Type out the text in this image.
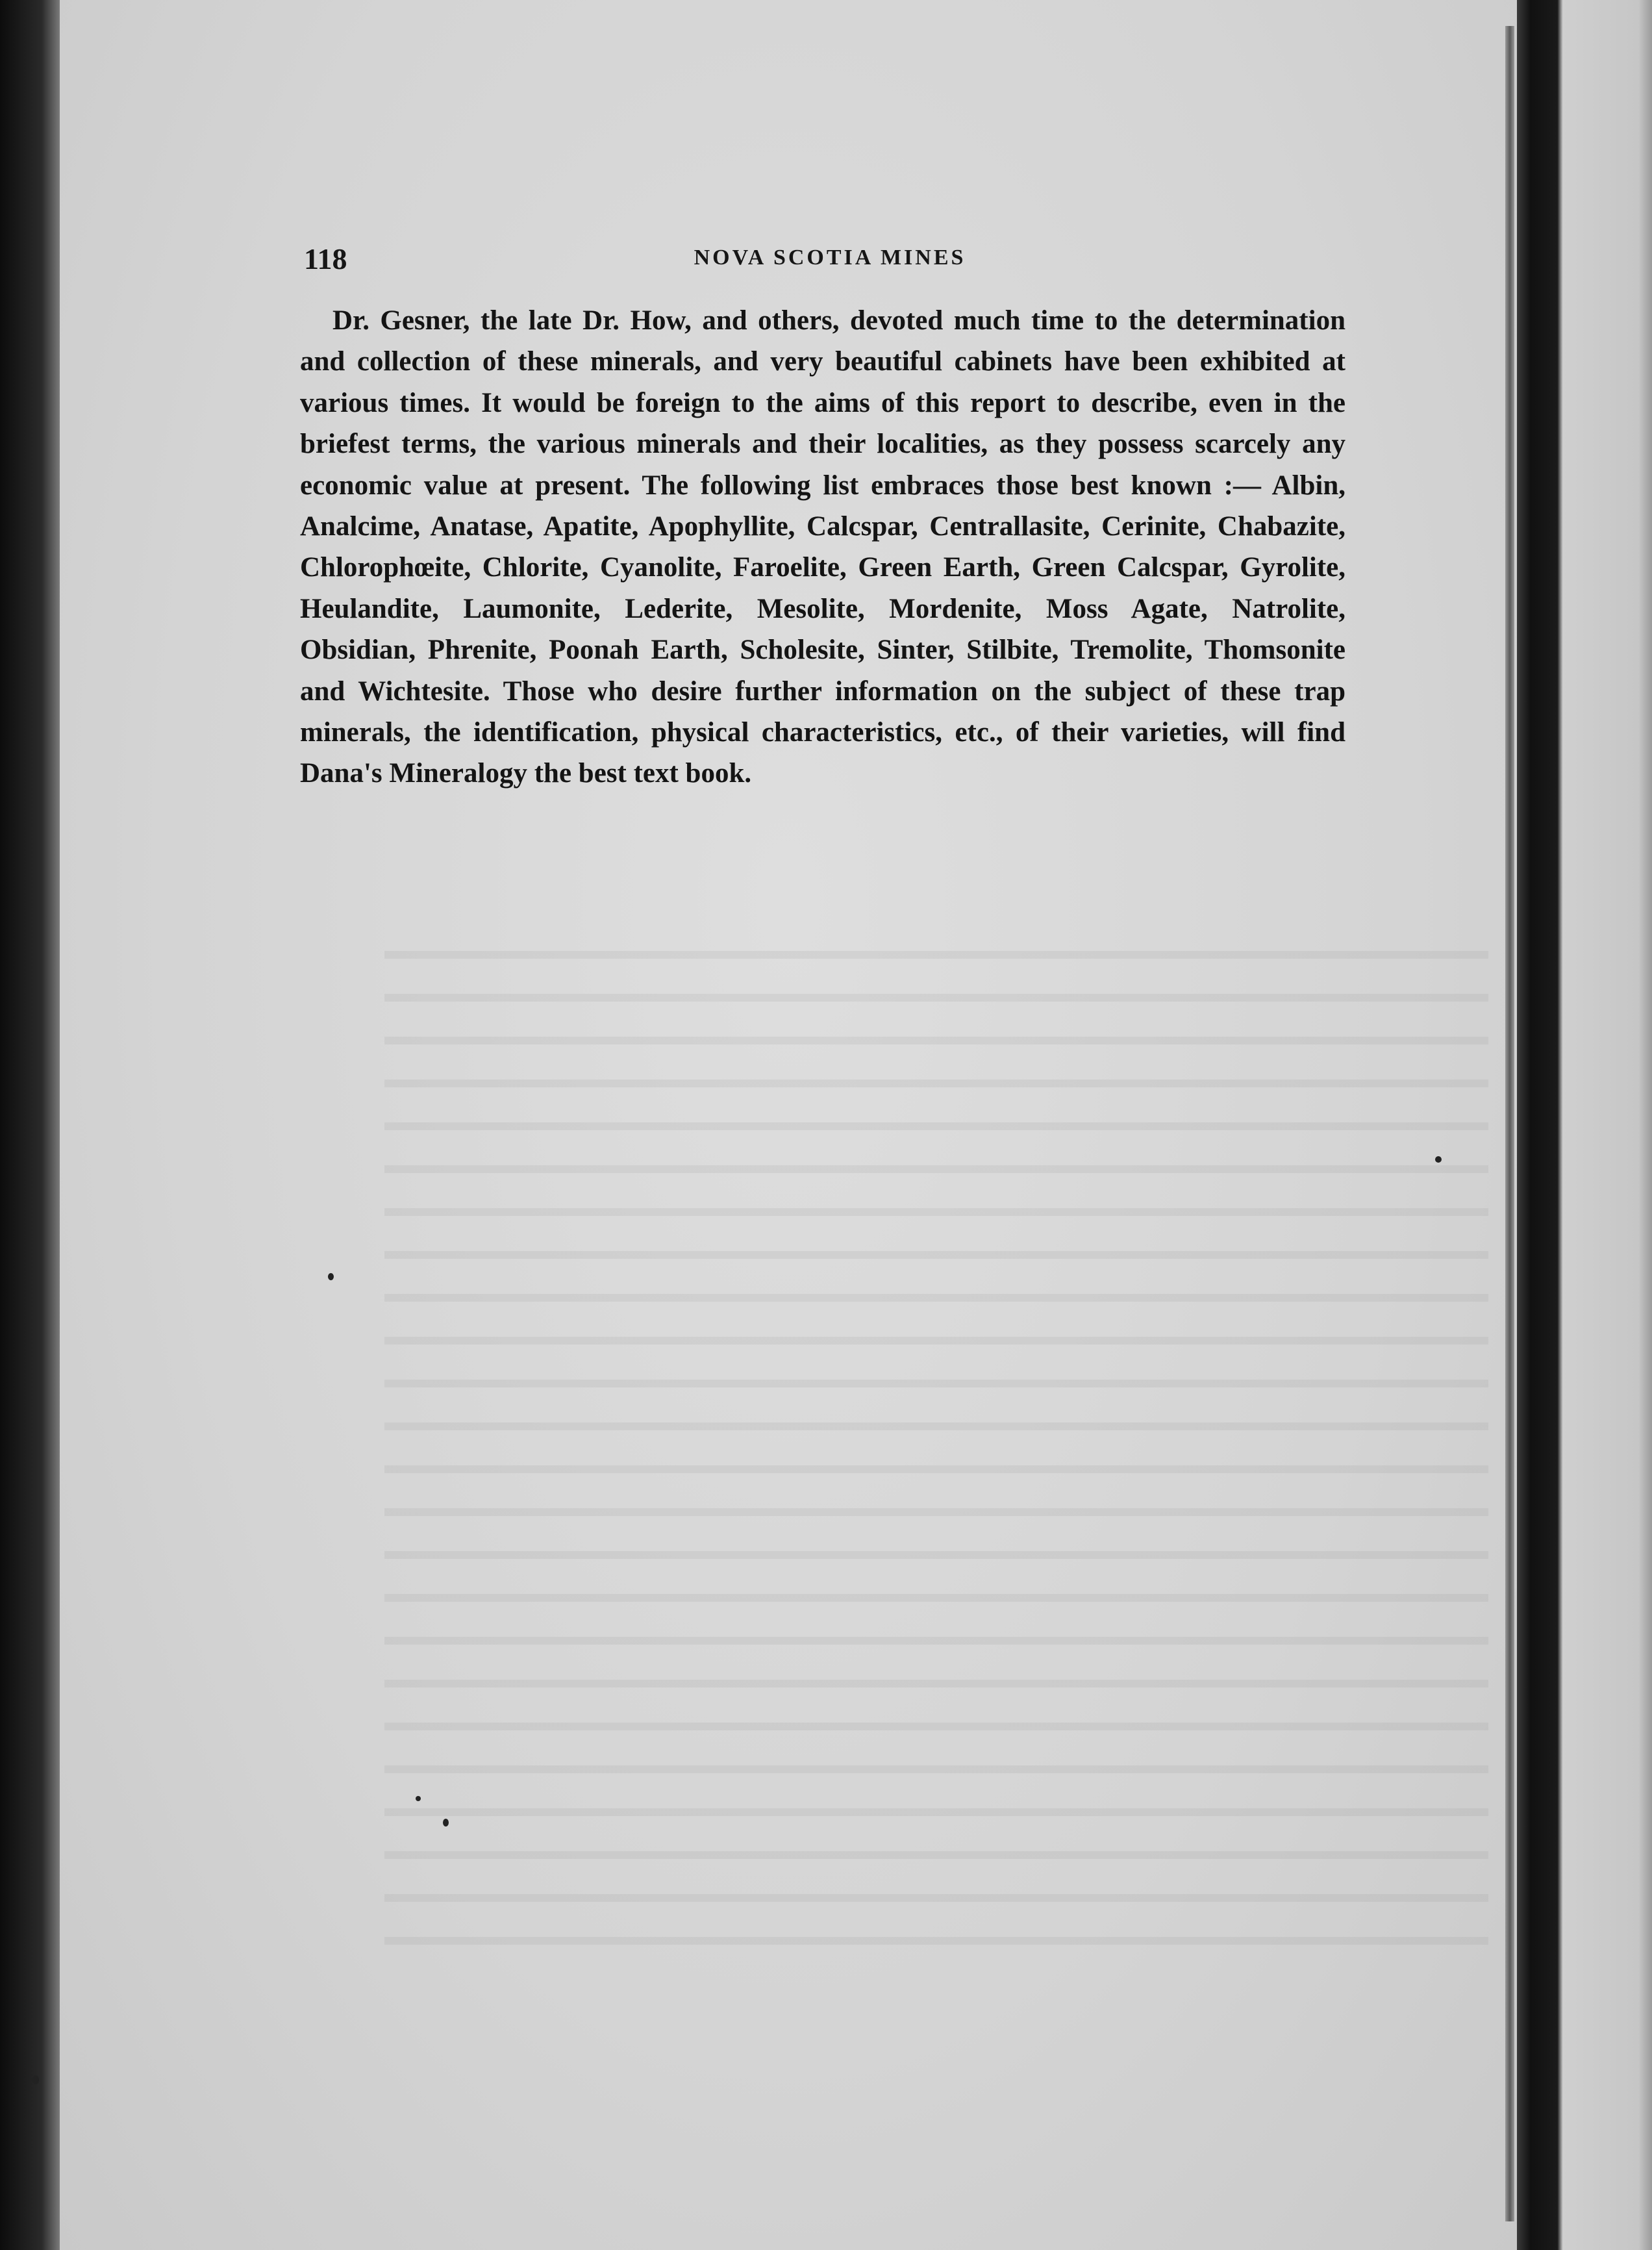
118	NOVA SCOTIA MINES

Dr. Gesner, the late Dr. How, and others, devoted much time to the determination and collection of these minerals, and very beautiful cabinets have been exhibited at various times. It would be foreign to the aims of this report to describe, even in the briefest terms, the various minerals and their localities, as they possess scarcely any economic value at present. The following list embraces those best known :— Albin, Analcime, Anatase, Apatite, Apophyllite, Calcspar, Centrallasite, Cerinite, Chabazite, Chlorophœite, Chlorite, Cyanolite, Faroelite, Green Earth, Green Calcspar, Gyrolite, Heulandite, Laumonite, Lederite, Mesolite, Mordenite, Moss Agate, Natrolite, Obsidian, Phrenite, Poonah Earth, Scholesite, Sinter, Stilbite, Tremolite, Thomsonite and Wichtesite. Those who desire further information on the subject of these trap minerals, the identification, physical characteristics, etc., of their varieties, will find Dana's Mineralogy the best text book.
